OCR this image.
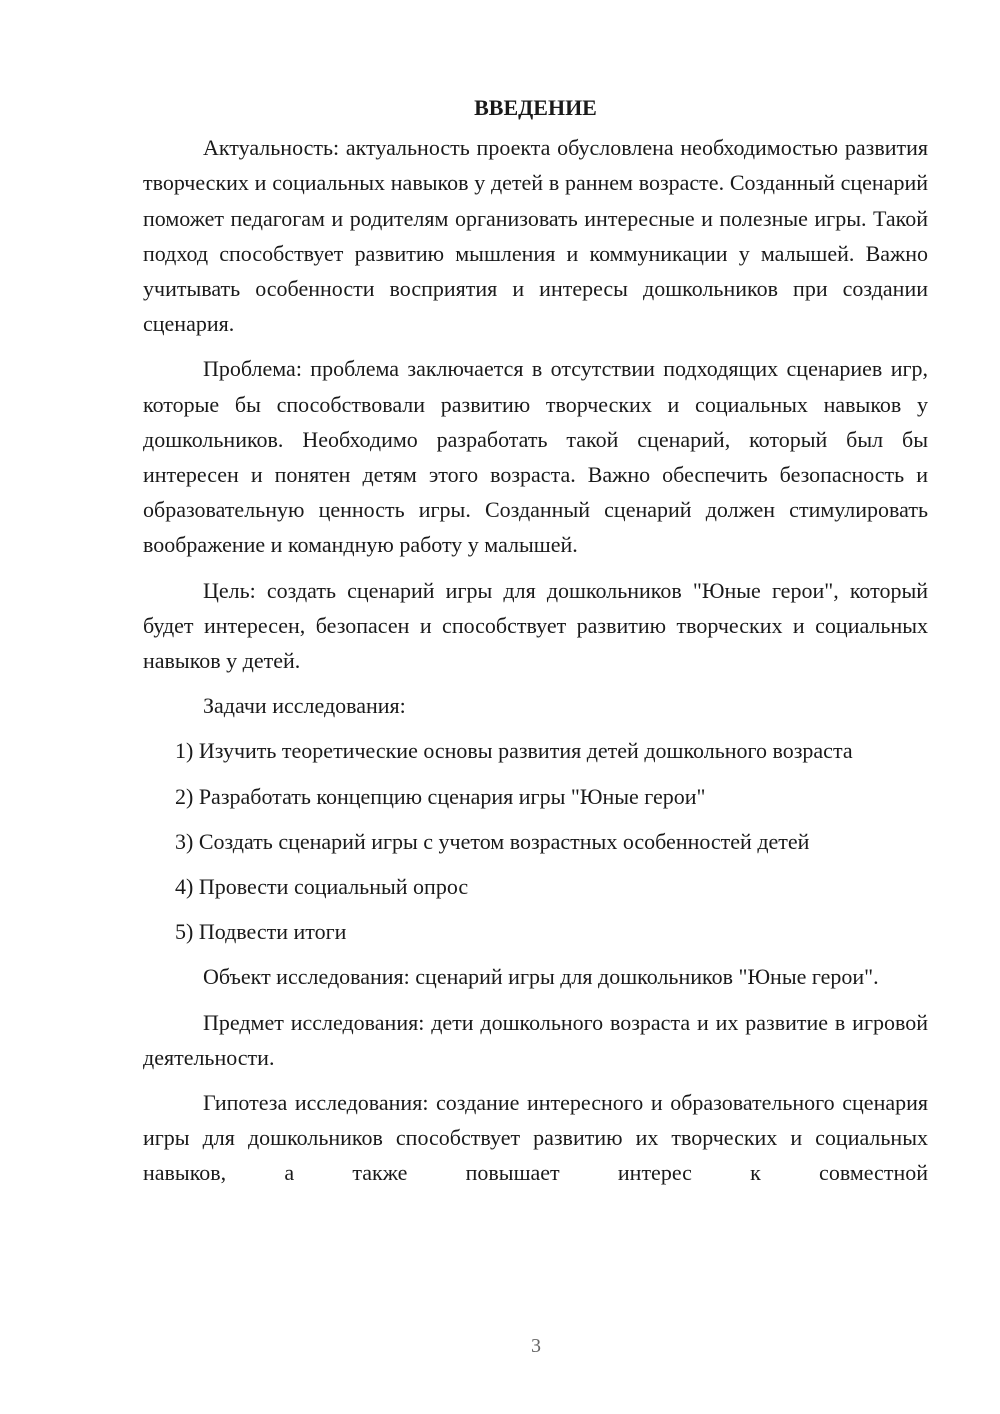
ВВЕДЕНИЕ

Актуальность: актуальность проекта обусловлена необходимостью развития творческих и социальных навыков у детей в раннем возрасте. Созданный сценарий поможет педагогам и родителям организовать интересные и полезные игры. Такой подход способствует развитию мышления и коммуникации у малышей. Важно учитывать особенности восприятия и интересы дошкольников при создании сценария.

Проблема: проблема заключается в отсутствии подходящих сценариев игр, которые бы способствовали развитию творческих и социальных навыков у дошкольников. Необходимо разработать такой сценарий, который был бы интересен и понятен детям этого возраста. Важно обеспечить безопасность и образовательную ценность игры. Созданный сценарий должен стимулировать воображение и командную работу у малышей.

Цель: создать сценарий игры для дошкольников "Юные герои", который будет интересен, безопасен и способствует развитию творческих и социальных навыков у детей.

Задачи исследования:

1) Изучить теоретические основы развития детей дошкольного возраста

2) Разработать концепцию сценария игры "Юные герои"

3) Создать сценарий игры с учетом возрастных особенностей детей

4) Провести социальный опрос

5) Подвести итоги

Объект исследования: сценарий игры для дошкольников "Юные герои".

Предмет исследования: дети дошкольного возраста и их развитие в игровой деятельности.

Гипотеза исследования: создание интересного и образовательного сценария игры для дошкольников способствует развитию их творческих и социальных навыков, а также повышает интерес к совместной

3
